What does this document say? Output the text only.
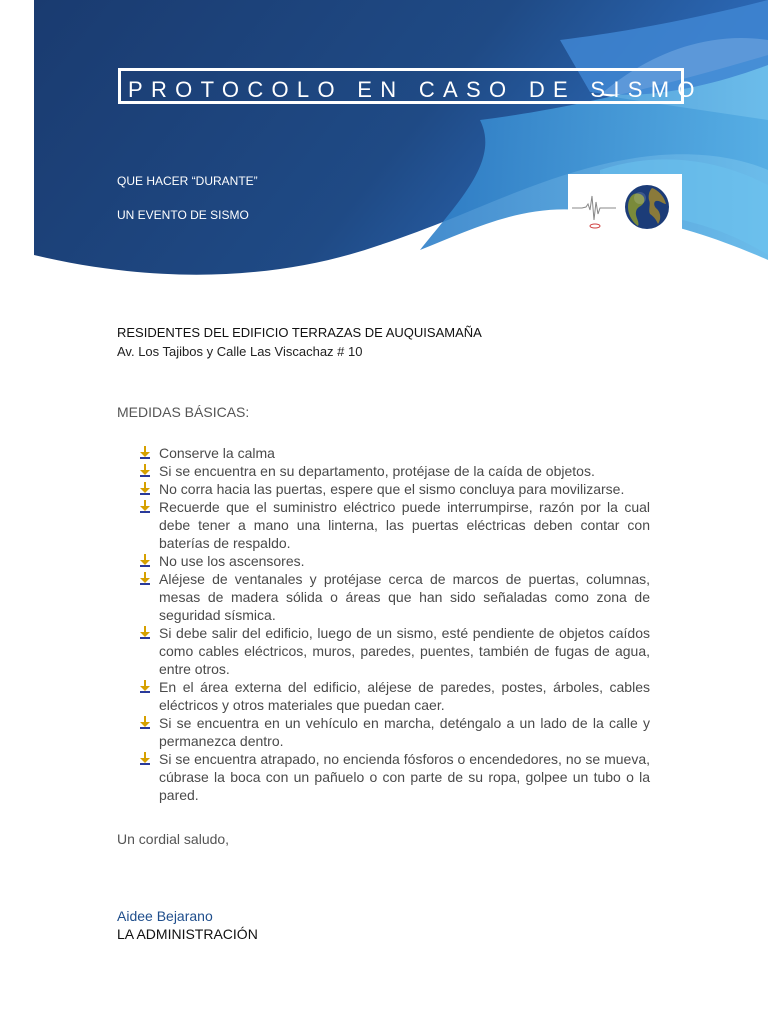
PROTOCOLO EN CASO DE SISMO
QUE HACER “DURANTE”
UN EVENTO DE SISMO
RESIDENTES DEL EDIFICIO TERRAZAS DE AUQUISAMAÑA
Av. Los Tajibos y Calle Las Viscachaz # 10
MEDIDAS BÁSICAS:
Conserve la calma
Si se encuentra en su departamento, protéjase de la caída de objetos.
No corra hacia las puertas, espere que el sismo concluya para movilizarse.
Recuerde que el suministro eléctrico puede interrumpirse, razón por la cual debe tener a mano una linterna, las puertas eléctricas deben contar con baterías de respaldo.
No use los ascensores.
Aléjese de ventanales y protéjase cerca de marcos de puertas, columnas, mesas de madera sólida o áreas que han sido señaladas como zona de seguridad sísmica.
Si debe salir del edificio, luego de un sismo, esté pendiente de objetos caídos como cables eléctricos, muros, paredes, puentes, también de fugas de agua, entre otros.
En el área externa del edificio, aléjese de paredes, postes, árboles, cables eléctricos y otros materiales que puedan caer.
Si se encuentra en un vehículo en marcha, deténgalo a un lado de la calle y permanezca dentro.
Si se encuentra atrapado, no encienda fósforos o encendedores, no se mueva, cúbrase la boca con un pañuelo o con parte de su ropa, golpee un tubo o la pared.
Un cordial saludo,
Aidee Bejarano
LA ADMINISTRACIÓN
